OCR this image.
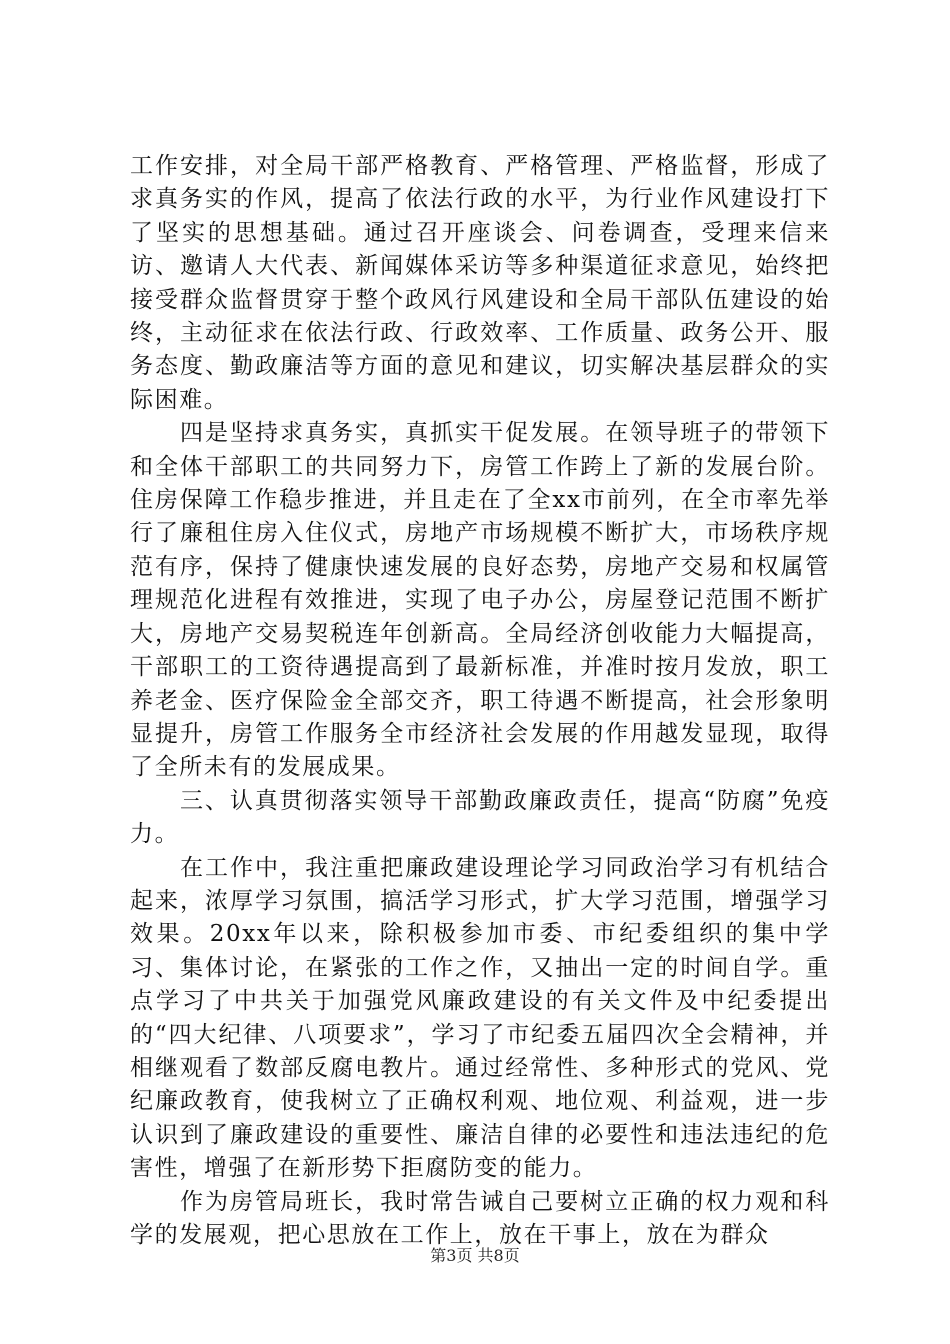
工作安排，对全局干部严格教育、严格管理、严格监督，形成了求真务实的作风，提高了依法行政的水平，为行业作风建设打下了坚实的思想基础。通过召开座谈会、问卷调查，受理来信来访、邀请人大代表、新闻媒体采访等多种渠道征求意见，始终把接受群众监督贯穿于整个政风行风建设和全局干部队伍建设的始终，主动征求在依法行政、行政效率、工作质量、政务公开、服务态度、勤政廉洁等方面的意见和建议，切实解决基层群众的实际困难。

四是坚持求真务实，真抓实干促发展。在领导班子的带领下和全体干部职工的共同努力下，房管工作跨上了新的发展台阶。住房保障工作稳步推进，并且走在了全xx市前列，在全市率先举行了廉租住房入住仪式，房地产市场规模不断扩大，市场秩序规范有序，保持了健康快速发展的良好态势，房地产交易和权属管理规范化进程有效推进，实现了电子办公，房屋登记范围不断扩大，房地产交易契税连年创新高。全局经济创收能力大幅提高，干部职工的工资待遇提高到了最新标准，并准时按月发放，职工养老金、医疗保险金全部交齐，职工待遇不断提高，社会形象明显提升，房管工作服务全市经济社会发展的作用越发显现，取得了全所未有的发展成果。

三、认真贯彻落实领导干部勤政廉政责任，提高“防腐”免疫力。

在工作中，我注重把廉政建设理论学习同政治学习有机结合起来，浓厚学习氛围，搞活学习形式，扩大学习范围，增强学习效果。20xx年以来，除积极参加市委、市纪委组织的集中学习、集体讨论，在紧张的工作之作，又抽出一定的时间自学。重点学习了中共关于加强党风廉政建设的有关文件及中纪委提出的“四大纪律、八项要求”，学习了市纪委五届四次全会精神，并相继观看了数部反腐电教片。通过经常性、多种形式的党风、党纪廉政教育，使我树立了正确权利观、地位观、利益观，进一步认识到了廉政建设的重要性、廉洁自律的必要性和违法违纪的危害性，增强了在新形势下拒腐防变的能力。

作为房管局班长，我时常告诫自己要树立正确的权力观和科学的发展观，把心思放在工作上，放在干事上，放在为群众

第3页 共8页
